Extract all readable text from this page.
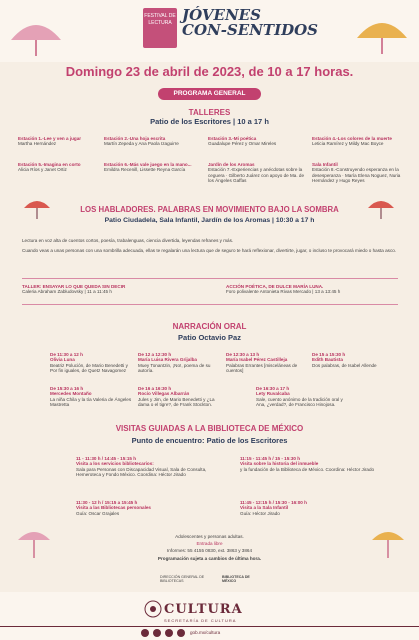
FESTIVAL DE LECTURA JÓVENES
CON-SENTIDOS
Domingo 23 de abril de 2023, de 10 a 17 horas.
PROGRAMA GENERAL
TALLERES
Patio de los Escritores | 10 a 17 h
Estación 1.-Lee y ven a jugar
Martha Hernández
Estación 2.-Una hoja escrita
Martín Zepeda y Ana Paola Izaguirre
Estación 3.-Mi poética
Guadalupe Pérez y Omar Mireles
Estación 4.-Los colores de la muerte
Leticia Ramírez y Mildy Mac Boyce
Estación 5.-Imagina en corto
Alicia Ríos y Janet Ortiz
Estación 6.-Más vale juego en la mano...
Emildra Recenill, Lissette Reyna García
Jardín de los Aromas
Estación 7.-Experiencias y anécdotas sobre la ceguera · Gilberto Juárez con apoyo de Ma. de los Ángeles Gaffas
Sala Infantil
Estación 8.-Construyendo esperanza en la desesperanza · María Elena Noguez, Nuria Hernández y Hugo Reyes
LOS HABLADORES. PALABRAS EN MOVIMIENTO BAJO LA SOMBRA
Patio Ciudadela, Sala Infantil, Jardín de los Aromas | 10:30 a 17 h
Lectura en voz alta de cuentos cortos, poesía, trabalenguas, ciencia divertida, leyendas refranes y más.
Cuando veas a unas personas con una sombrilla adecuada, ellas te regalarán una lectura que de seguro te hará reflexionar, divertirte, jugar, o incluso te provocará miedo o hasta asco.
TALLER: ENSAYAR LO QUE QUEDA SIN DECIR
Caleria Abraham Zabludovsky | 11 a 11:45 h
ACCIÓN POÉTICA, DE DULCE MARÍA LUNA.
Foro polivalente Antonieta Rivas Mercado | 13 a 13:45 h
NARRACIÓN ORAL
Patio Octavio Paz
De 11:30 a 12 h
Olivia Luna
Beatriz Polución, de Mario Benedetti y Por fin iguales, de Quetz Navagomez
De 12 a 12:30 h
María Luisa Rivera Grijalba
Muey Tonantzin, ¡No!, poema de su autoría.
De 12:30 a 13 h
María Isabel Pérez Castilleja
Palabras Errantes [misceláneas de cuentos]
De 15 a 15:30 h
Edith Bautista
Dos palabras, de Isabel Allende
De 15:30 a 16 h
Mercedes Montaño
La niña Chila y la tía Valeria de Ángeles Mastretta
De 16 a 16:30 h
Rocío Villegas Albarrán
Jules y Jim, de Mario Benedetti y ¿La dama o el tigre?, de Frank Stockton.
De 16:30 a 17 h
Lety Ruvalcaba
Sale, cuento anónimo de la tradición oral y Ana, ¿verdad?, de Francisco Hinojosa.
VISITAS GUIADAS A LA BIBLIOTECA DE MÉXICO
Punto de encuentro: Patio de los Escritores
11 - 11:30 h / 14:45 - 15:15 h
Visita a los servicios bibliotecarios:
Sala para Personas con Discapacidad Visual, Sala de Consulta, Hemeroteca y Fondo México. Coordina: Héctor Jirado
11:15 - 11:45 h / 15 - 15:30 h
Visita sobre la historia del inmueble
y la fundación de la Biblioteca de México. Coordina: Héctor Jirado
11:30 - 12 h / 15:15 a 15:45 h
Visita a las Bibliotecas personales
Guía: Oscar Grajales
11:45 - 12:15 h / 15:30 - 16:00 h
Visita a la Sala Infantil
Guía: Héctor Jirado
Adolescentes y personas adultas.
Entrada libre
Informes: 55 4155 0830, ext. 3863 y 3864
Programación sujeta a cambios de última hora.
DIRECCIÓN GENERAL DE BIBLIOTECAS
BIBLIOTECA DE MÉXICO
gob.mx/cultura
CULTURA
SECRETARÍA DE CULTURA
